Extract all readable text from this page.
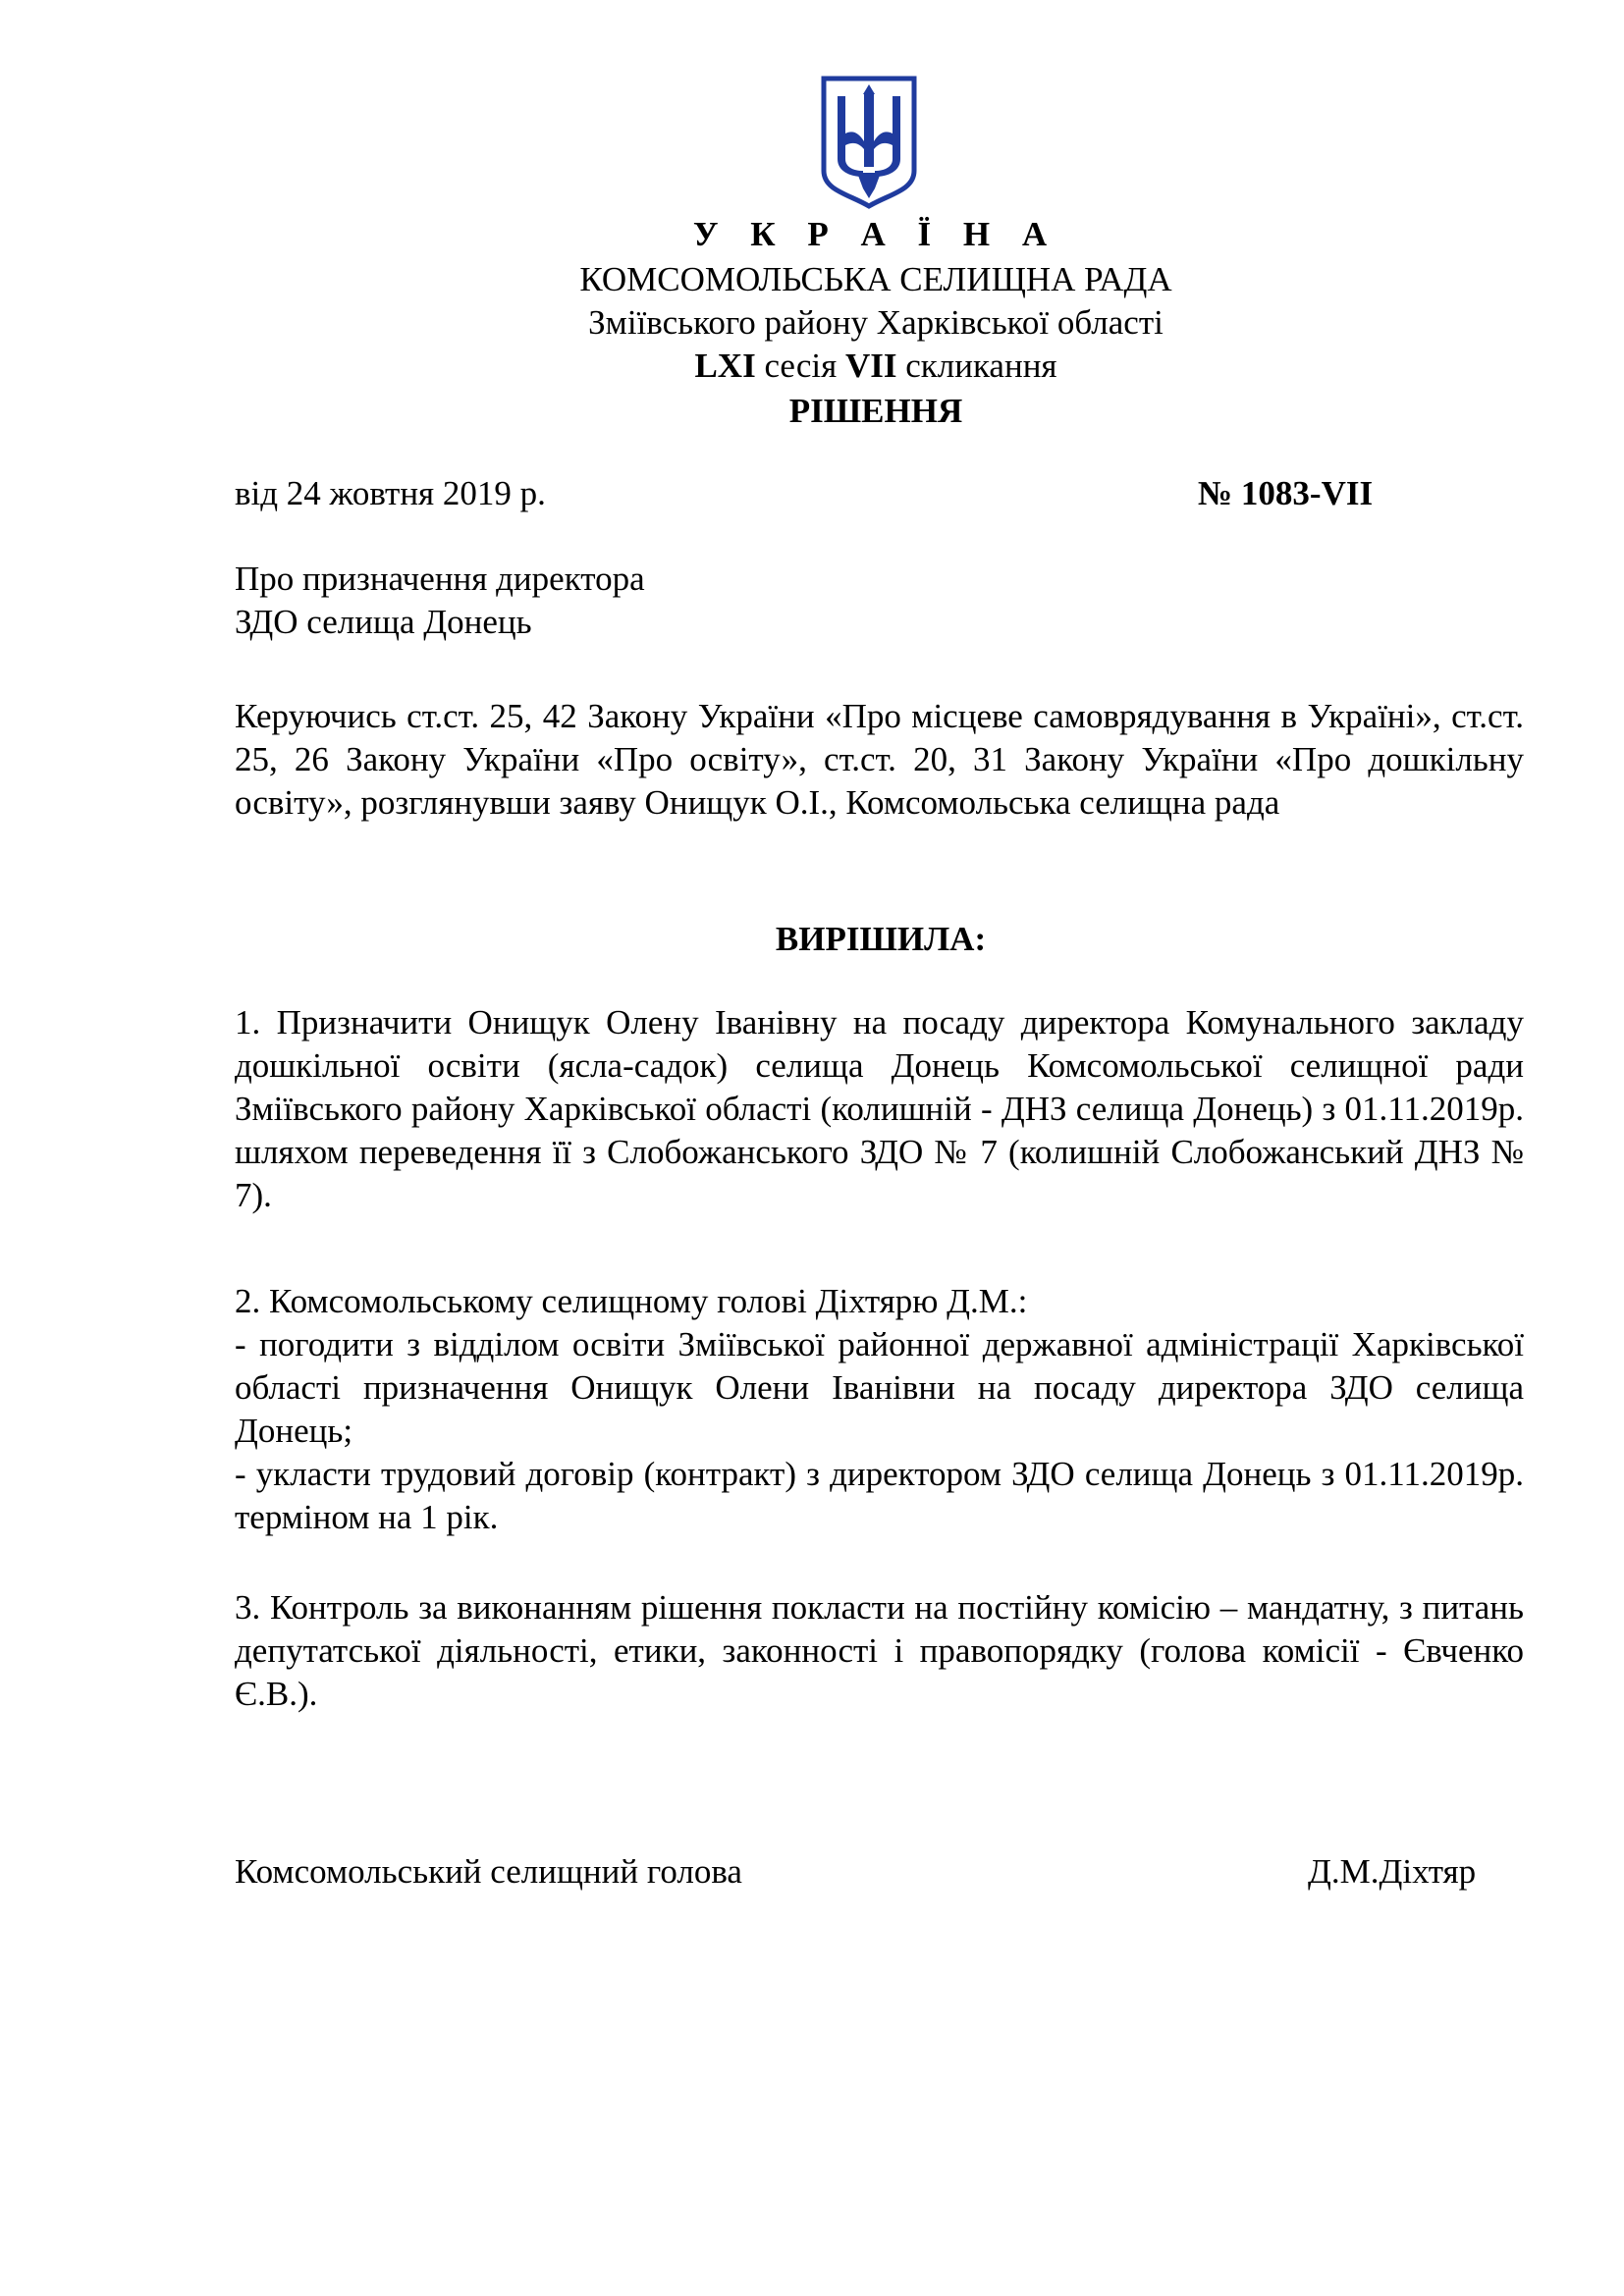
У К Р А Ї Н А
КОМСОМОЛЬСЬКА СЕЛИЩНА РАДА
Зміївського району Харківської області
LXI сесія VII скликання
РІШЕННЯ
від 24 жовтня 2019 р.	№ 1083-VII
Про призначення директора
ЗДО селища Донець
Керуючись ст.ст. 25, 42 Закону України «Про місцеве самоврядування в Україні», ст.ст. 25, 26 Закону України «Про освіту», ст.ст. 20, 31 Закону України «Про дошкільну освіту», розглянувши заяву Онищук О.І., Комсомольська селищна рада
ВИРІШИЛА:
1. Призначити Онищук Олену Іванівну на посаду директора Комунального закладу дошкільної освіти (ясла-садок) селища Донець Комсомольської селищної ради Зміївського району Харківської області (колишній - ДНЗ селища Донець) з 01.11.2019р. шляхом переведення її з Слобожанського ЗДО № 7 (колишній Слобожанський ДНЗ № 7).
2. Комсомольському селищному голові Діхтярю Д.М.:
- погодити з відділом освіти Зміївської районної державної адміністрації Харківської області призначення Онищук Олени Іванівни на посаду директора ЗДО селища Донець;
- укласти трудовий договір (контракт) з директором ЗДО селища Донець з 01.11.2019р. терміном на 1 рік.
3. Контроль за виконанням рішення покласти на постійну комісію – мандатну, з питань депутатської діяльності, етики, законності і правопорядку (голова комісії - Євченко Є.В.).
Комсомольський селищний голова	Д.М.Діхтяр
